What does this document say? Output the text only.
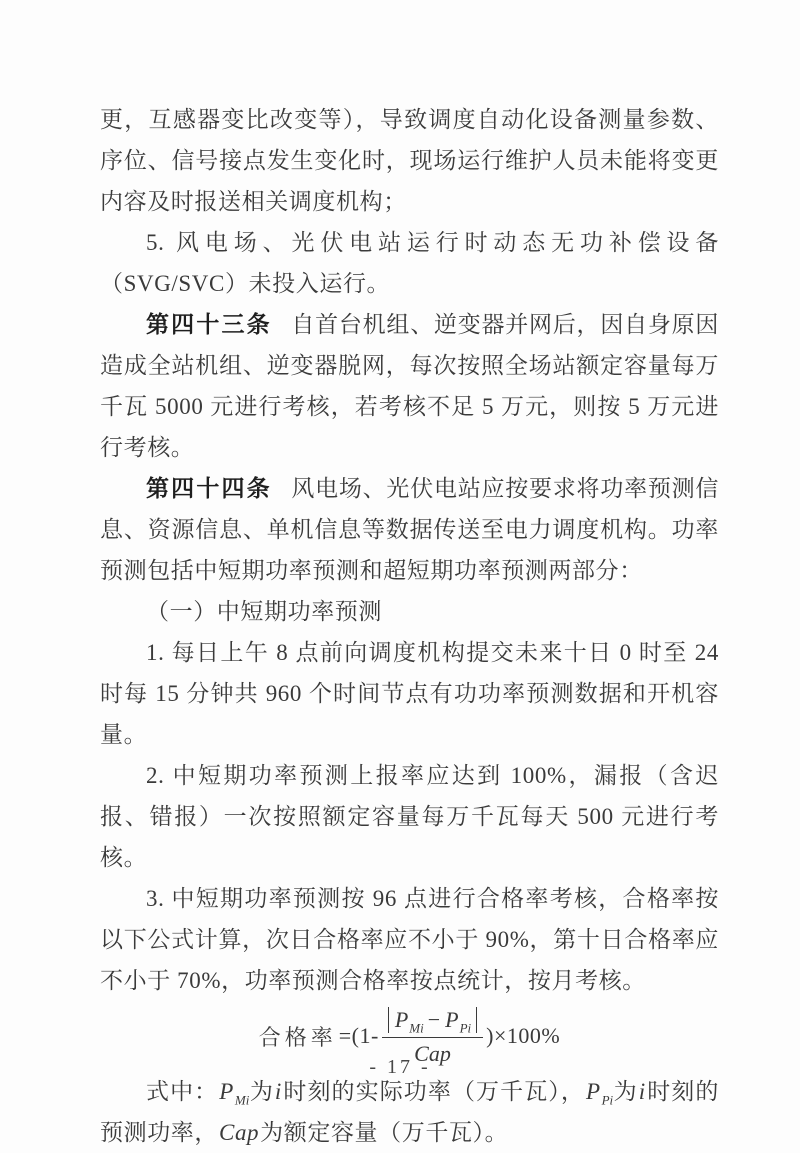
更，互感器变比改变等），导致调度自动化设备测量参数、序位、信号接点发生变化时，现场运行维护人员未能将变更内容及时报送相关调度机构；

5. 风电场、光伏电站运行时动态无功补偿设备（SVG/SVC）未投入运行。

第四十三条 自首台机组、逆变器并网后，因自身原因造成全站机组、逆变器脱网，每次按照全场站额定容量每万千瓦 5000 元进行考核，若考核不足 5 万元，则按 5 万元进行考核。

第四十四条 风电场、光伏电站应按要求将功率预测信息、资源信息、单机信息等数据传送至电力调度机构。功率预测包括中短期功率预测和超短期功率预测两部分：

（一）中短期功率预测

1. 每日上午 8 点前向调度机构提交未来十日 0 时至 24 时每 15 分钟共 960 个时间节点有功功率预测数据和开机容量。

2. 中短期功率预测上报率应达到 100%，漏报（含迟报、错报）一次按照额定容量每万千瓦每天 500 元进行考核。

3. 中短期功率预测按 96 点进行合格率考核，合格率按以下公式计算，次日合格率应不小于 90%，第十日合格率应不小于 70%，功率预测合格率按点统计，按月考核。

合格率 $=(1- \frac{P_{Mi} - P_{Pi}}{\text{Cap}} )\times 100\%$

式中：$P_{Mi}$为i时刻的实际功率（万千瓦），$P_{Pi}$为i时刻的预测功率，Cap为额定容量（万千瓦）。

- 17 -
